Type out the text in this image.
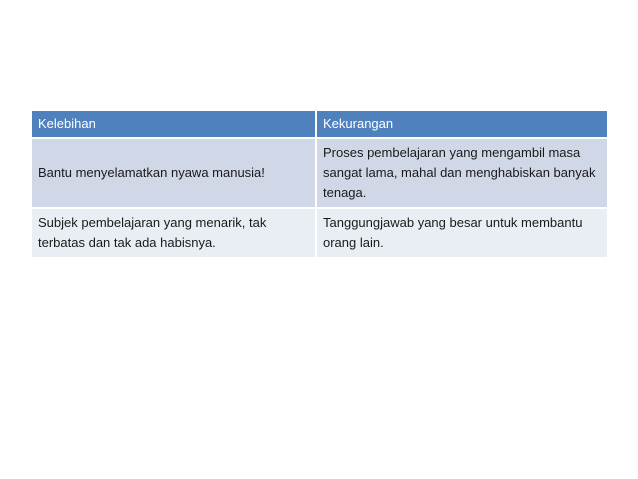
Kelebihan	Kekurangan
Bantu menyelamatkan nyawa manusia!	Proses pembelajaran yang mengambil masa sangat lama, mahal dan menghabiskan banyak tenaga.
Subjek pembelajaran yang menarik, tak terbatas dan tak ada habisnya.	Tanggungjawab yang besar untuk membantu orang lain.
